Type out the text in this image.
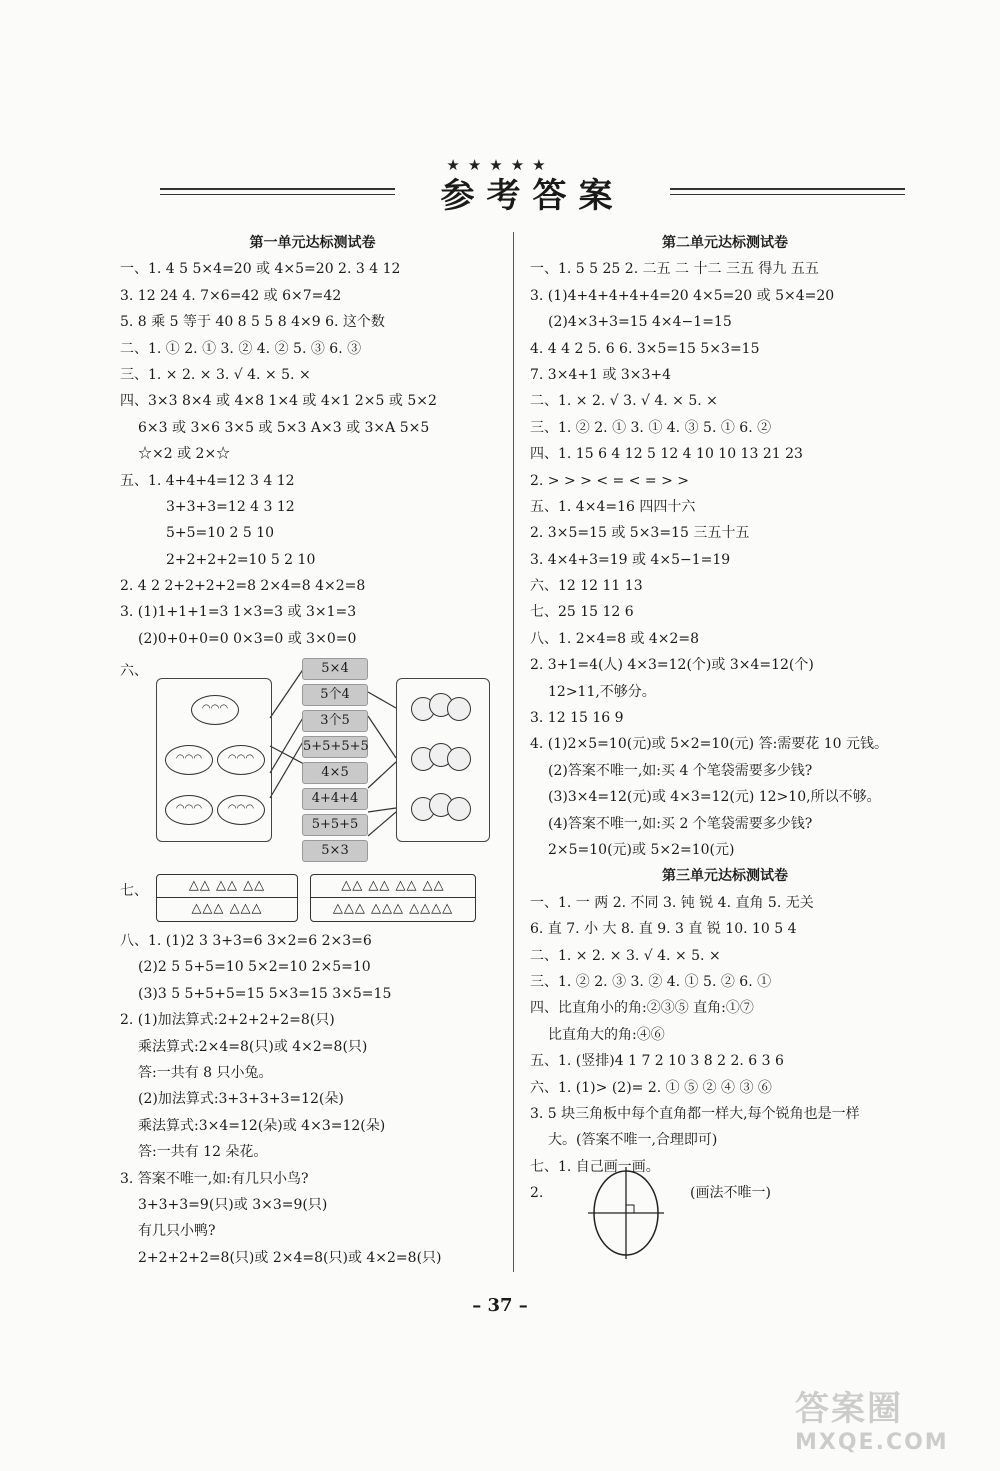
★★★★★
参考答案
第一单元达标测试卷
一、1. 4 5 5×4=20 或 4×5=20 2. 3 4 12
3. 12 24 4. 7×6=42 或 6×7=42
5. 8 乘 5 等于 40 8 5 5 8 4×9 6. 这个数
二、1. ① 2. ① 3. ② 4. ② 5. ③ 6. ③
三、1. × 2. × 3. √ 4. × 5. ×
四、3×3 8×4 或 4×8 1×4 或 4×1 2×5 或 5×2
6×3 或 3×6 3×5 或 5×3 A×3 或 3×A 5×5
☆×2 或 2×☆
五、1. 4+4+4=12 3 4 12
3+3+3=12 4 3 12
5+5=10 2 5 10
2+2+2+2=10 5 2 10
2. 4 2 2+2+2+2=8 2×4=8 4×2=8
3. (1)1+1+1=3 1×3=3 或 3×1=3
(2)0+0+0=0 0×3=0 或 3×0=0
六、
◠◠◠
◠◠◠	◠◠◠
◠◠◠	◠◠◠
5×4
5个4
3个5
5+5+5+5
4×5
4+4+4
5+5+5
5×3
七、	△△ △△ △△
△△△ △△△
△△ △△ △△ △△
△△△ △△△ △△△△
八、1. (1)2 3 3+3=6 3×2=6 2×3=6
(2)2 5 5+5=10 5×2=10 2×5=10
(3)3 5 5+5+5=15 5×3=15 3×5=15
2. (1)加法算式:2+2+2+2=8(只)
乘法算式:2×4=8(只)或 4×2=8(只)
答:一共有 8 只小兔。
(2)加法算式:3+3+3+3=12(朵)
乘法算式:3×4=12(朵)或 4×3=12(朵)
答:一共有 12 朵花。
3. 答案不唯一,如:有几只小鸟?
3+3+3=9(只)或 3×3=9(只)
有几只小鸭?
2+2+2+2=8(只)或 2×4=8(只)或 4×2=8(只)
第二单元达标测试卷
一、1. 5 5 25 2. 二五 二 十二 三五 得九 五五
3. (1)4+4+4+4+4=20 4×5=20 或 5×4=20
(2)4×3+3=15 4×4−1=15
4. 4 4 2 5. 6 6. 3×5=15 5×3=15
7. 3×4+1 或 3×3+4
二、1. × 2. √ 3. √ 4. × 5. ×
三、1. ② 2. ① 3. ① 4. ③ 5. ① 6. ②
四、1. 15 6 4 12 5 12 4 10 10 13 21 23
2. > > > < = < = > >
五、1. 4×4=16 四四十六
2. 3×5=15 或 5×3=15 三五十五
3. 4×4+3=19 或 4×5−1=19
六、12 12 11 13
七、25 15 12 6
八、1. 2×4=8 或 4×2=8
2. 3+1=4(人) 4×3=12(个)或 3×4=12(个)
12>11,不够分。
3. 12 15 16 9
4. (1)2×5=10(元)或 5×2=10(元) 答:需要花 10 元钱。
(2)答案不唯一,如:买 4 个笔袋需要多少钱?
(3)3×4=12(元)或 4×3=12(元) 12>10,所以不够。
(4)答案不唯一,如:买 2 个笔袋需要多少钱?
2×5=10(元)或 5×2=10(元)
第三单元达标测试卷
一、1. 一 两 2. 不同 3. 钝 锐 4. 直角 5. 无关
6. 直 7. 小 大 8. 直 9. 3 直 锐 10. 10 5 4
二、1. × 2. × 3. √ 4. × 5. ×
三、1. ② 2. ③ 3. ② 4. ① 5. ② 6. ①
四、比直角小的角:②③⑤ 直角:①⑦
比直角大的角:④⑥
五、1. (竖排)4 1 7 2 10 3 8 2 2. 6 3 6
六、1. (1)> (2)= 2. ① ⑤ ② ④ ③ ⑥
3. 5 块三角板中每个直角都一样大,每个锐角也是一样
大。(答案不唯一,合理即可)
七、1. 自己画一画。
2.	(画法不唯一)
– 37 –
答案圈
MXQE.COM
